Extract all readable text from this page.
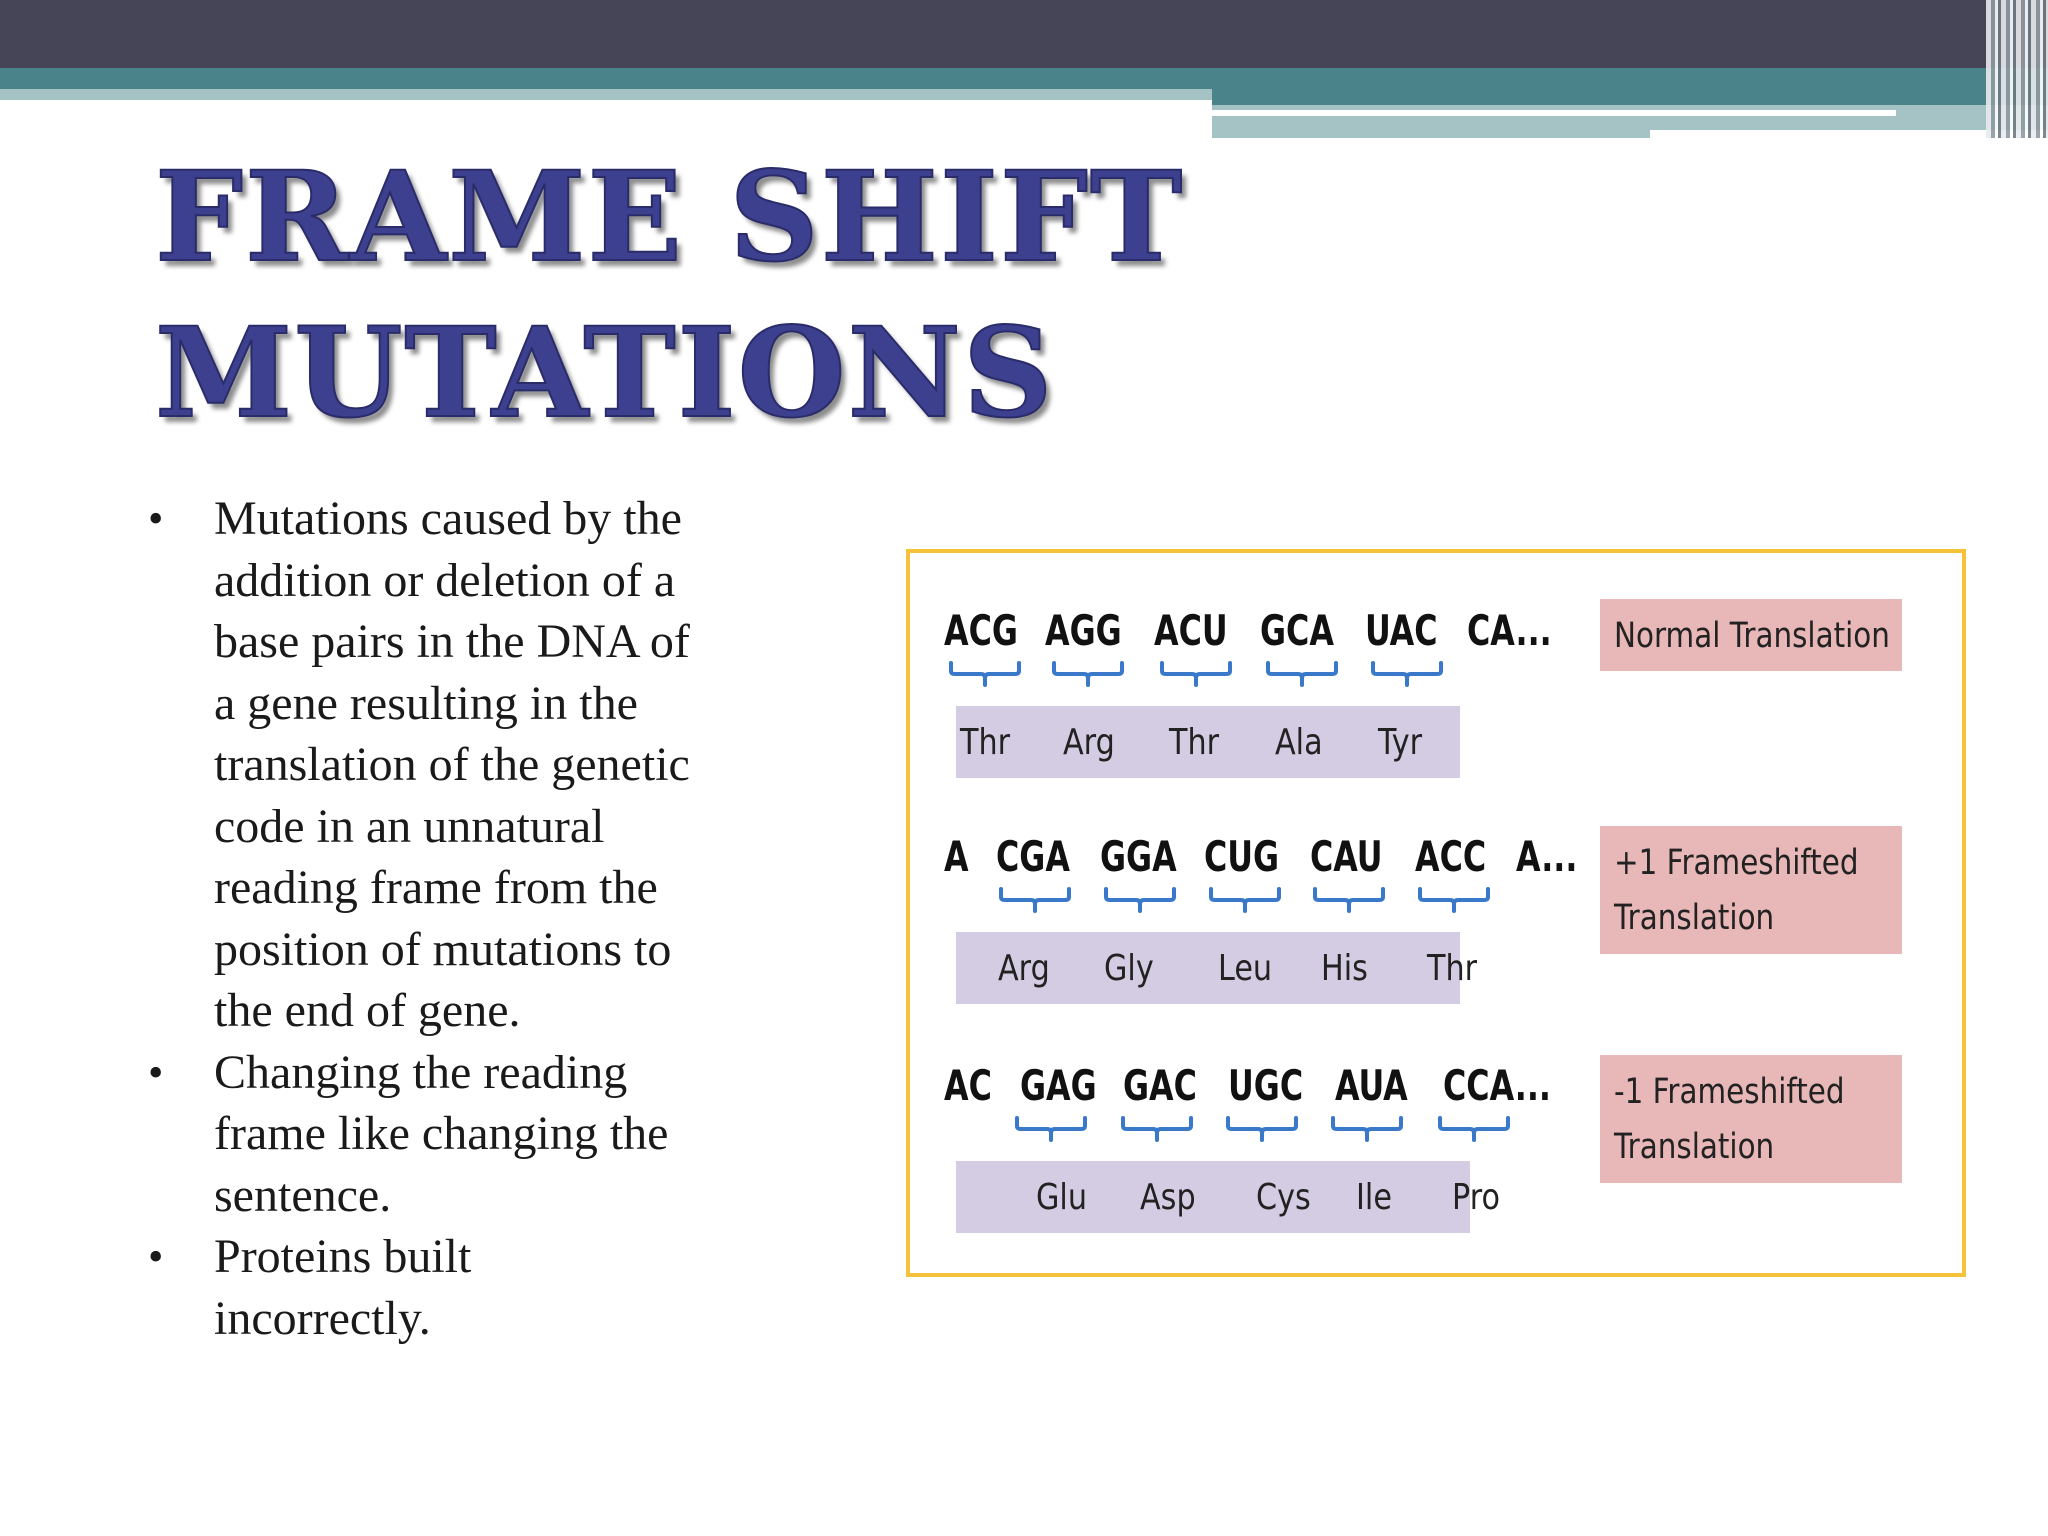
FRAME SHIFT
MUTATIONS
• Mutations caused by the
addition or deletion of a
base pairs in the DNA of
a gene resulting in the
translation of the genetic
code in an unnatural
reading frame from the
position of mutations to
the end of gene.
• Changing the reading
frame like changing the
sentence.
• Proteins built
incorrectly.
ACG AGG ACU GCA UAC CA...
Thr Arg Thr Ala Tyr
Normal Translation
A CGA GGA CUG CAU ACC A...
Arg Gly Leu His Thr
+1 Frameshifted
Translation
AC GAG GAC UGC AUA CCA...
Glu Asp Cys Ile Pro
-1 Frameshifted
Translation
